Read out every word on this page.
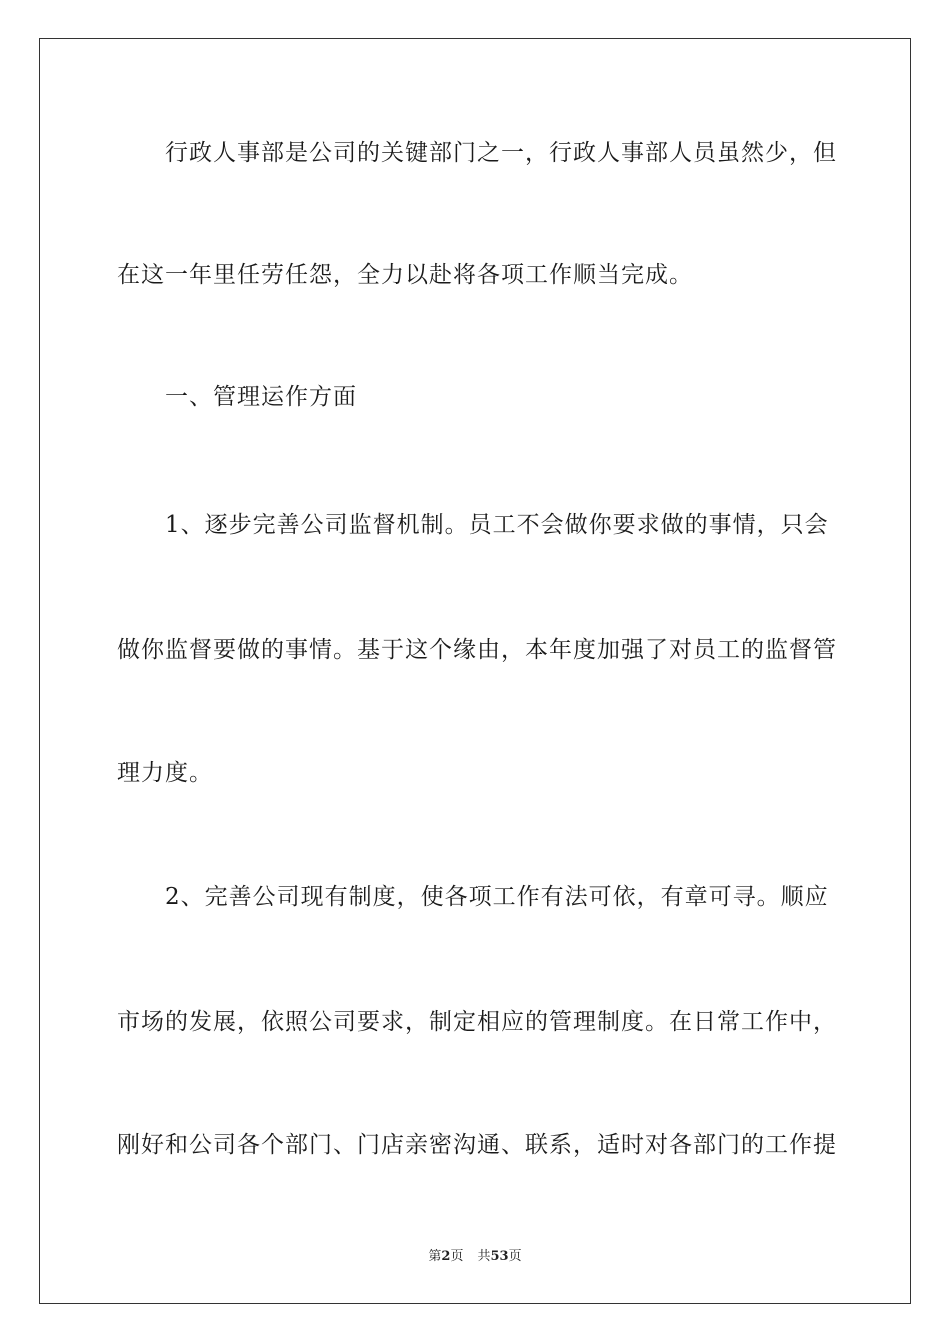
行政人事部是公司的关键部门之一，行政人事部人员虽然少，但
在这一年里任劳任怨，全力以赴将各项工作顺当完成。
一、管理运作方面
1、逐步完善公司监督机制。员工不会做你要求做的事情，只会
做你监督要做的事情。基于这个缘由，本年度加强了对员工的监督管
理力度。
2、完善公司现有制度，使各项工作有法可依，有章可寻。顺应
市场的发展，依照公司要求，制定相应的管理制度。在日常工作中，
刚好和公司各个部门、门店亲密沟通、联系，适时对各部门的工作提
第2页 共53页
